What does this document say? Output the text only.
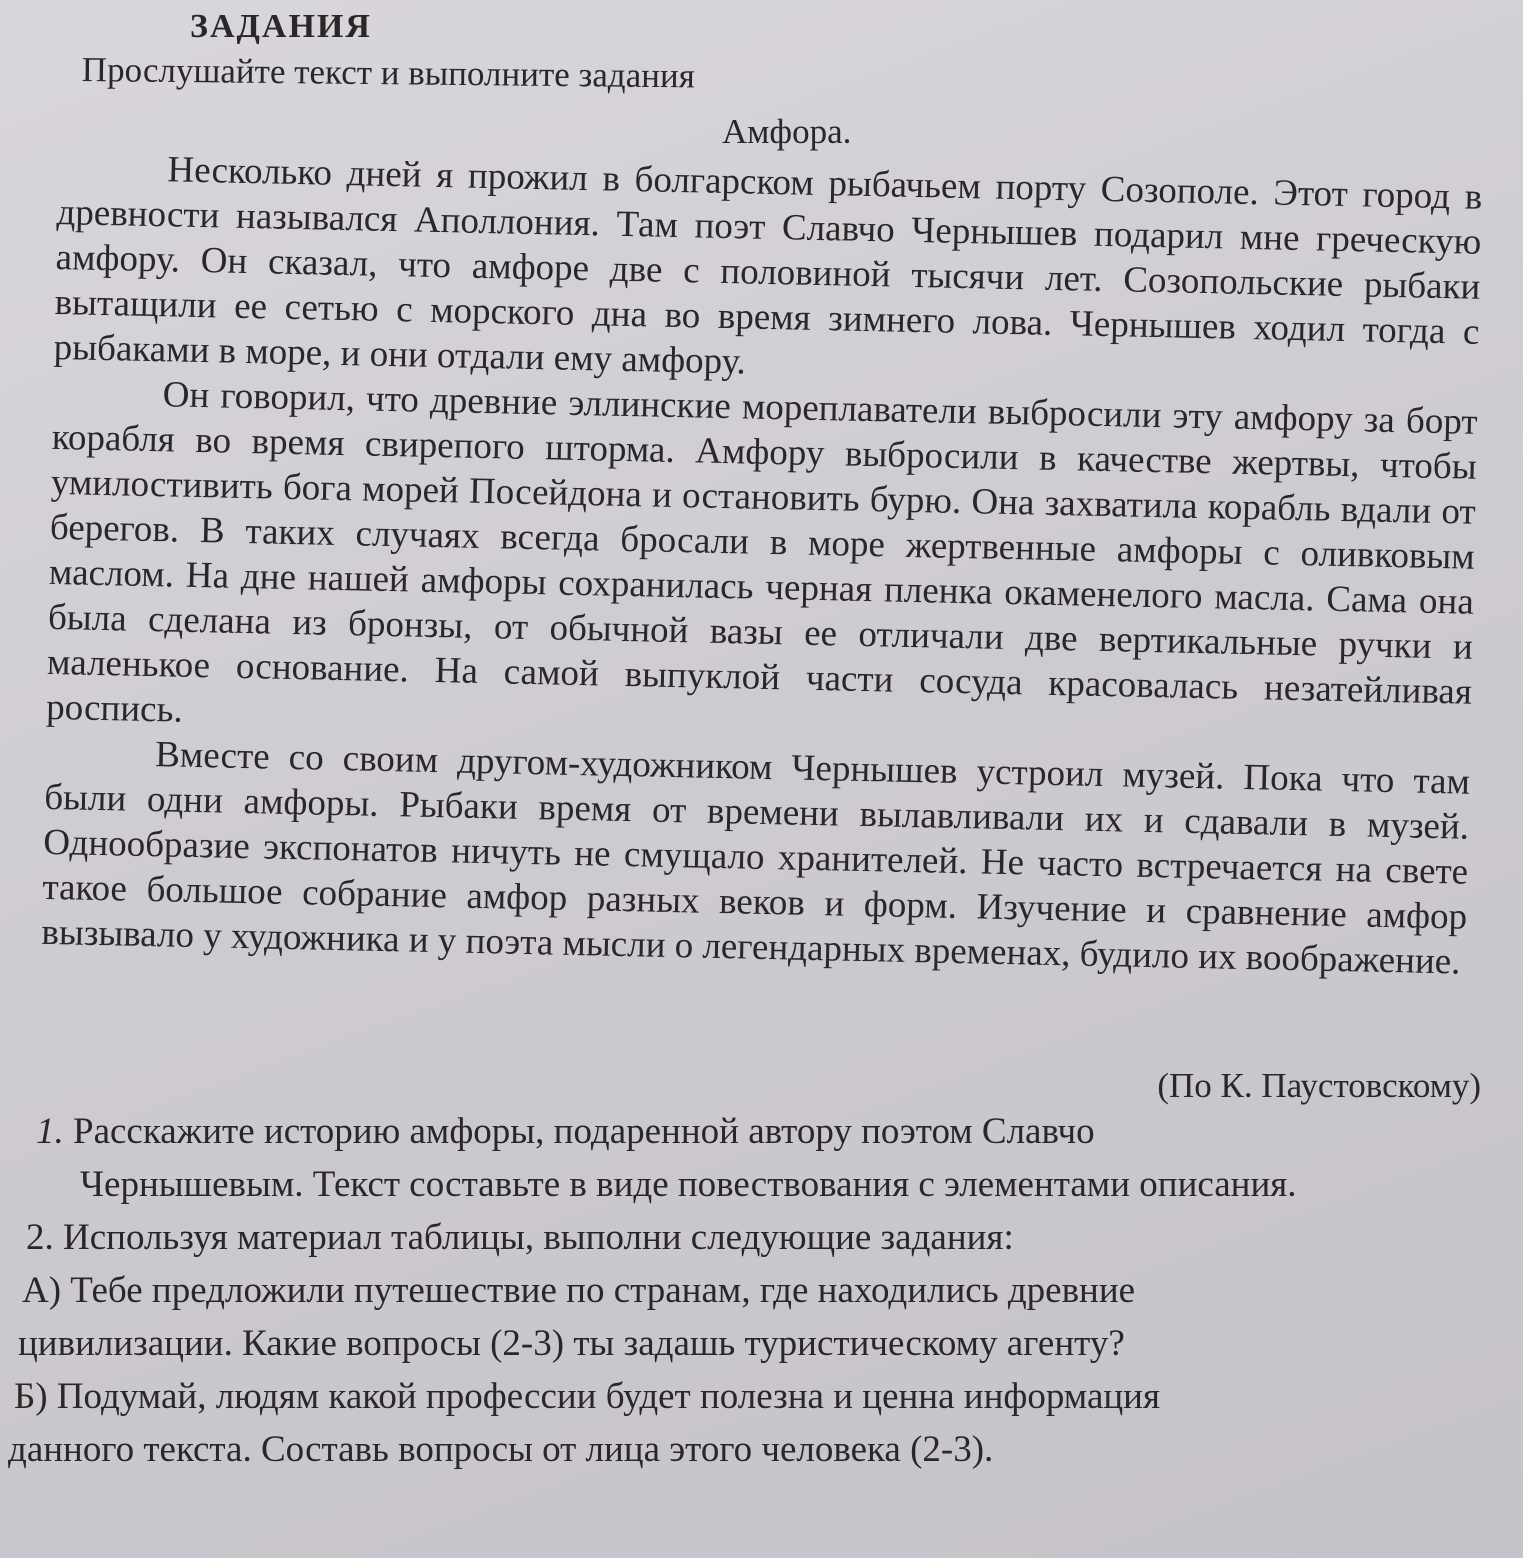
ЗАДАНИЯ
Прослушайте текст и выполните задания
Амфора.

Несколько дней я прожил в болгарском рыбачьем порту Созополе. Этот город в древности назывался Аполлония. Там поэт Славчо Чернышев подарил мне греческую амфору. Он сказал, что амфоре две с половиной тысячи лет. Созопольские рыбаки вытащили ее сетью с морского дна во время зимнего лова. Чернышев ходил тогда с рыбаками в море, и они отдали ему амфору.

Он говорил, что древние эллинские мореплаватели выбросили эту амфору за борт корабля во время свирепого шторма. Амфору выбросили в качестве жертвы, чтобы умилостивить бога морей Посейдона и остановить бурю. Она захватила корабль вдали от берегов. В таких случаях всегда бросали в море жертвенные амфоры с оливковым маслом. На дне нашей амфоры сохранилась черная пленка окаменелого масла. Сама она была сделана из бронзы, от обычной вазы ее отличали две вертикальные ручки и маленькое основание. На самой выпуклой части сосуда красовалась незатейливая роспись.

Вместе со своим другом-художником Чернышев устроил музей. Пока что там были одни амфоры. Рыбаки время от времени вылавливали их и сдавали в музей. Однообразие экспонатов ничуть не смущало хранителей. Не часто встречается на свете такое большое собрание амфор разных веков и форм. Изучение и сравнение амфор вызывало у художника и у поэта мысли о легендарных временах, будило их воображение.

(По К. Паустовскому)

1. Расскажите историю амфоры, подаренной автору поэтом Славчо

Чернышевым. Текст составьте в виде повествования с элементами описания.

2. Используя материал таблицы, выполни следующие задания:

А) Тебе предложили путешествие по странам, где находились древние

цивилизации. Какие вопросы (2-3) ты задашь туристическому агенту?

Б) Подумай, людям какой профессии будет полезна и ценна информация

данного текста. Составь вопросы от лица этого человека (2-3).
